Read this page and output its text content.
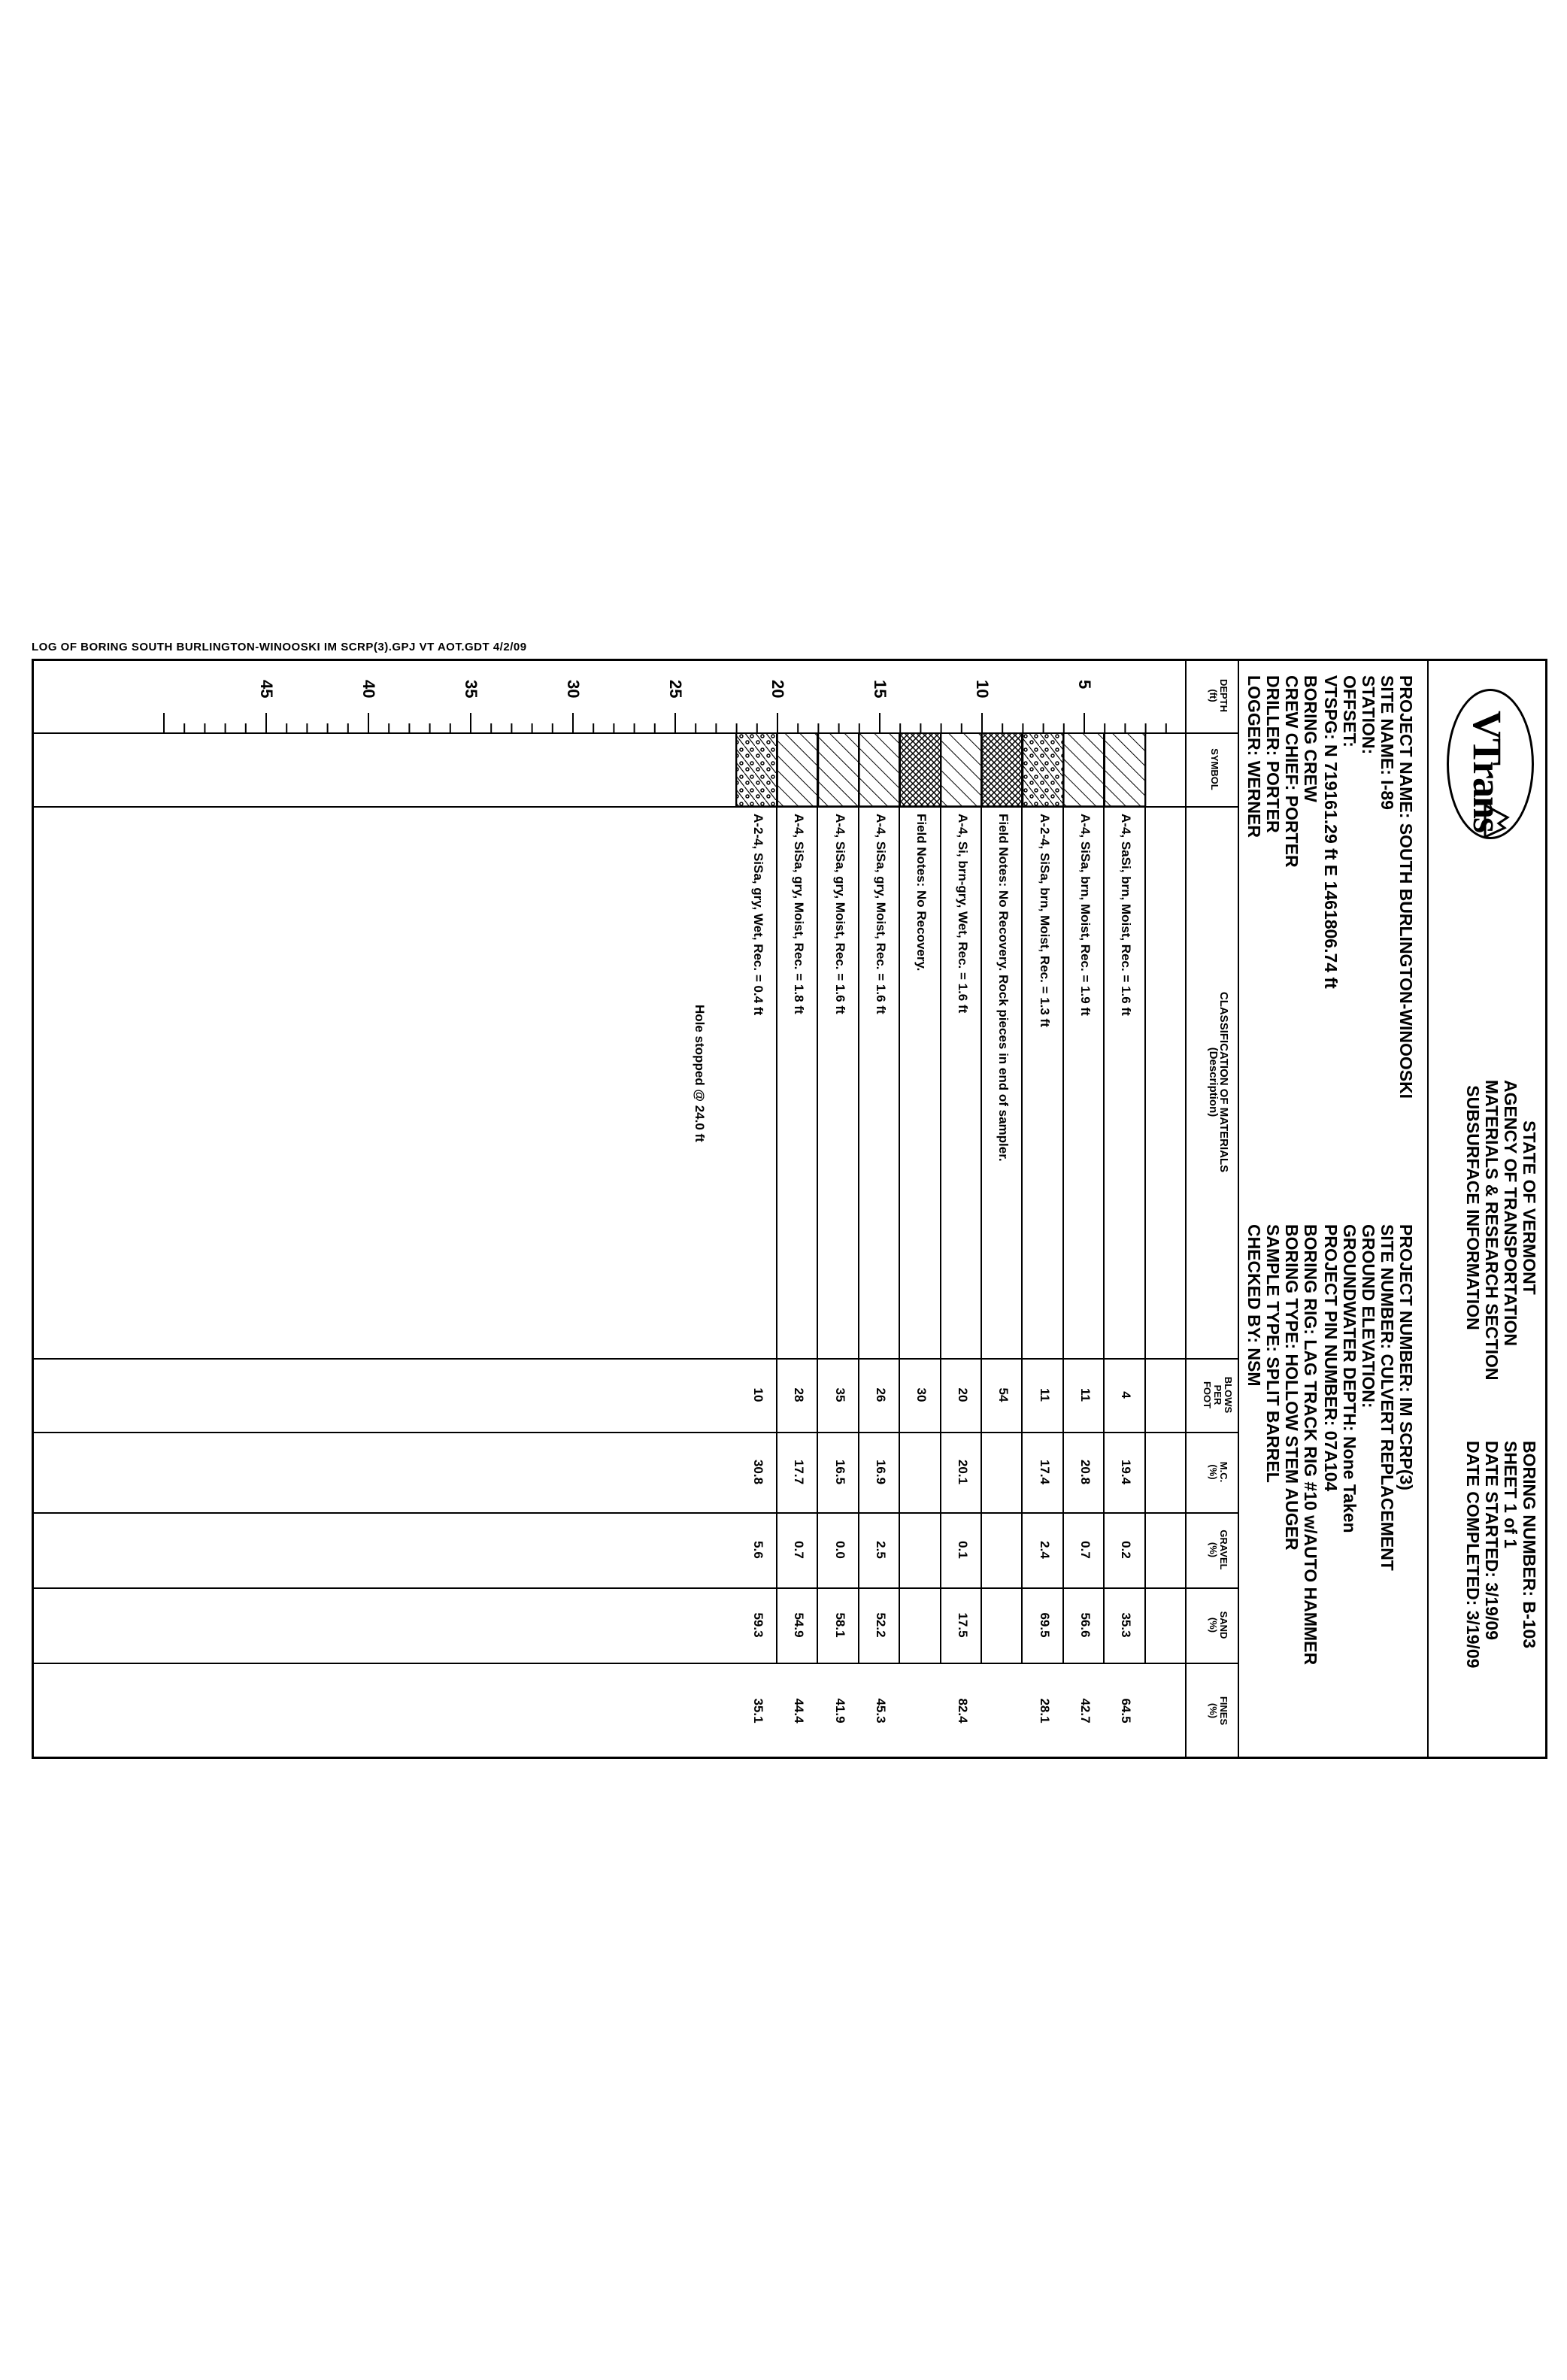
LOG OF BORING SOUTH BURLINGTON-WINOOSKI IM SCRP(3).GPJ VT AOT.GDT 4/2/09
VTrans
STATE OF VERMONT
AGENCY OF TRANSPORTATION
MATERIALS & RESEARCH SECTION
SUBSURFACE INFORMATION
BORING NUMBER: B-103
SHEET 1 of 1
DATE STARTED: 3/19/09
DATE COMPLETED: 3/19/09
PROJECT NAME: SOUTH BURLINGTON-WINOOSKI
SITE NAME: I-89
STATION:
OFFSET:
VTSPG: N 719161.29 ft E 1461806.74 ft
BORING CREW
CREW CHIEF: PORTER
DRILLER: PORTER
LOGGER: WERNER
PROJECT NUMBER: IM SCRP(3)
SITE NUMBER: CULVERT REPLACEMENT
GROUND ELEVATION:
GROUNDWATER DEPTH: None Taken
PROJECT PIN NUMBER: 07A104
BORING RIG: LAG TRACK RIG #10 w/AUTO HAMMER
BORING TYPE: HOLLOW STEM AUGER
SAMPLE TYPE: SPLIT BARREL
CHECKED BY: NSM
DEPTH
(ft)
SYMBOL
CLASSIFICATION OF MATERIALS
(Description)
BLOWS
PER
FOOT
M.C.
(%)
GRAVEL
(%)
SAND
(%)
FINES
(%)
5
10
15
20
25
30
35
40
45
A-4, SaSi, brn, Moist, Rec. = 1.6 ft
4
19.4
0.2
35.3
64.5
A-4, SiSa, brn, Moist, Rec. = 1.9 ft
11
20.8
0.7
56.6
42.7
A-2-4, SiSa, brn, Moist, Rec. = 1.3 ft
11
17.4
2.4
69.5
28.1
Field Notes: No Recovery. Rock pieces in end of sampler.
54
A-4, Si, brn-gry, Wet, Rec. = 1.6 ft
20
20.1
0.1
17.5
82.4
Field Notes: No Recovery.
30
A-4, SiSa, gry, Moist, Rec. = 1.6 ft
26
16.9
2.5
52.2
45.3
A-4, SiSa, gry, Moist, Rec. = 1.6 ft
35
16.5
0.0
58.1
41.9
A-4, SiSa, gry, Moist, Rec. = 1.8 ft
28
17.7
0.7
54.9
44.4
A-2-4, SiSa, gry, Wet, Rec. = 0.4 ft
10
30.8
5.6
59.3
35.1
Hole stopped @ 24.0 ft
